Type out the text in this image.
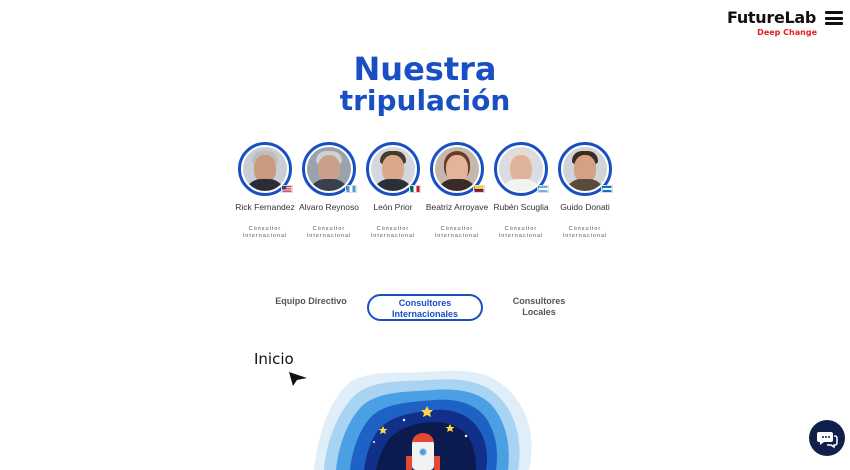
FutureLab
Deep Change
Nuestra
tripulación
Rick Fernandez
Consultor Internacional
Alvaro Reynoso
Consultor Internacional
León Prior
Consultor Internacional
Beatriz Arroyave
Consultor Internacional
Rubén Scuglia
Consultor Internacional
Guido Donati
Consultor Internacional
Equipo Directivo	Consultores Internacionales
Consultores Locales
Inicio
